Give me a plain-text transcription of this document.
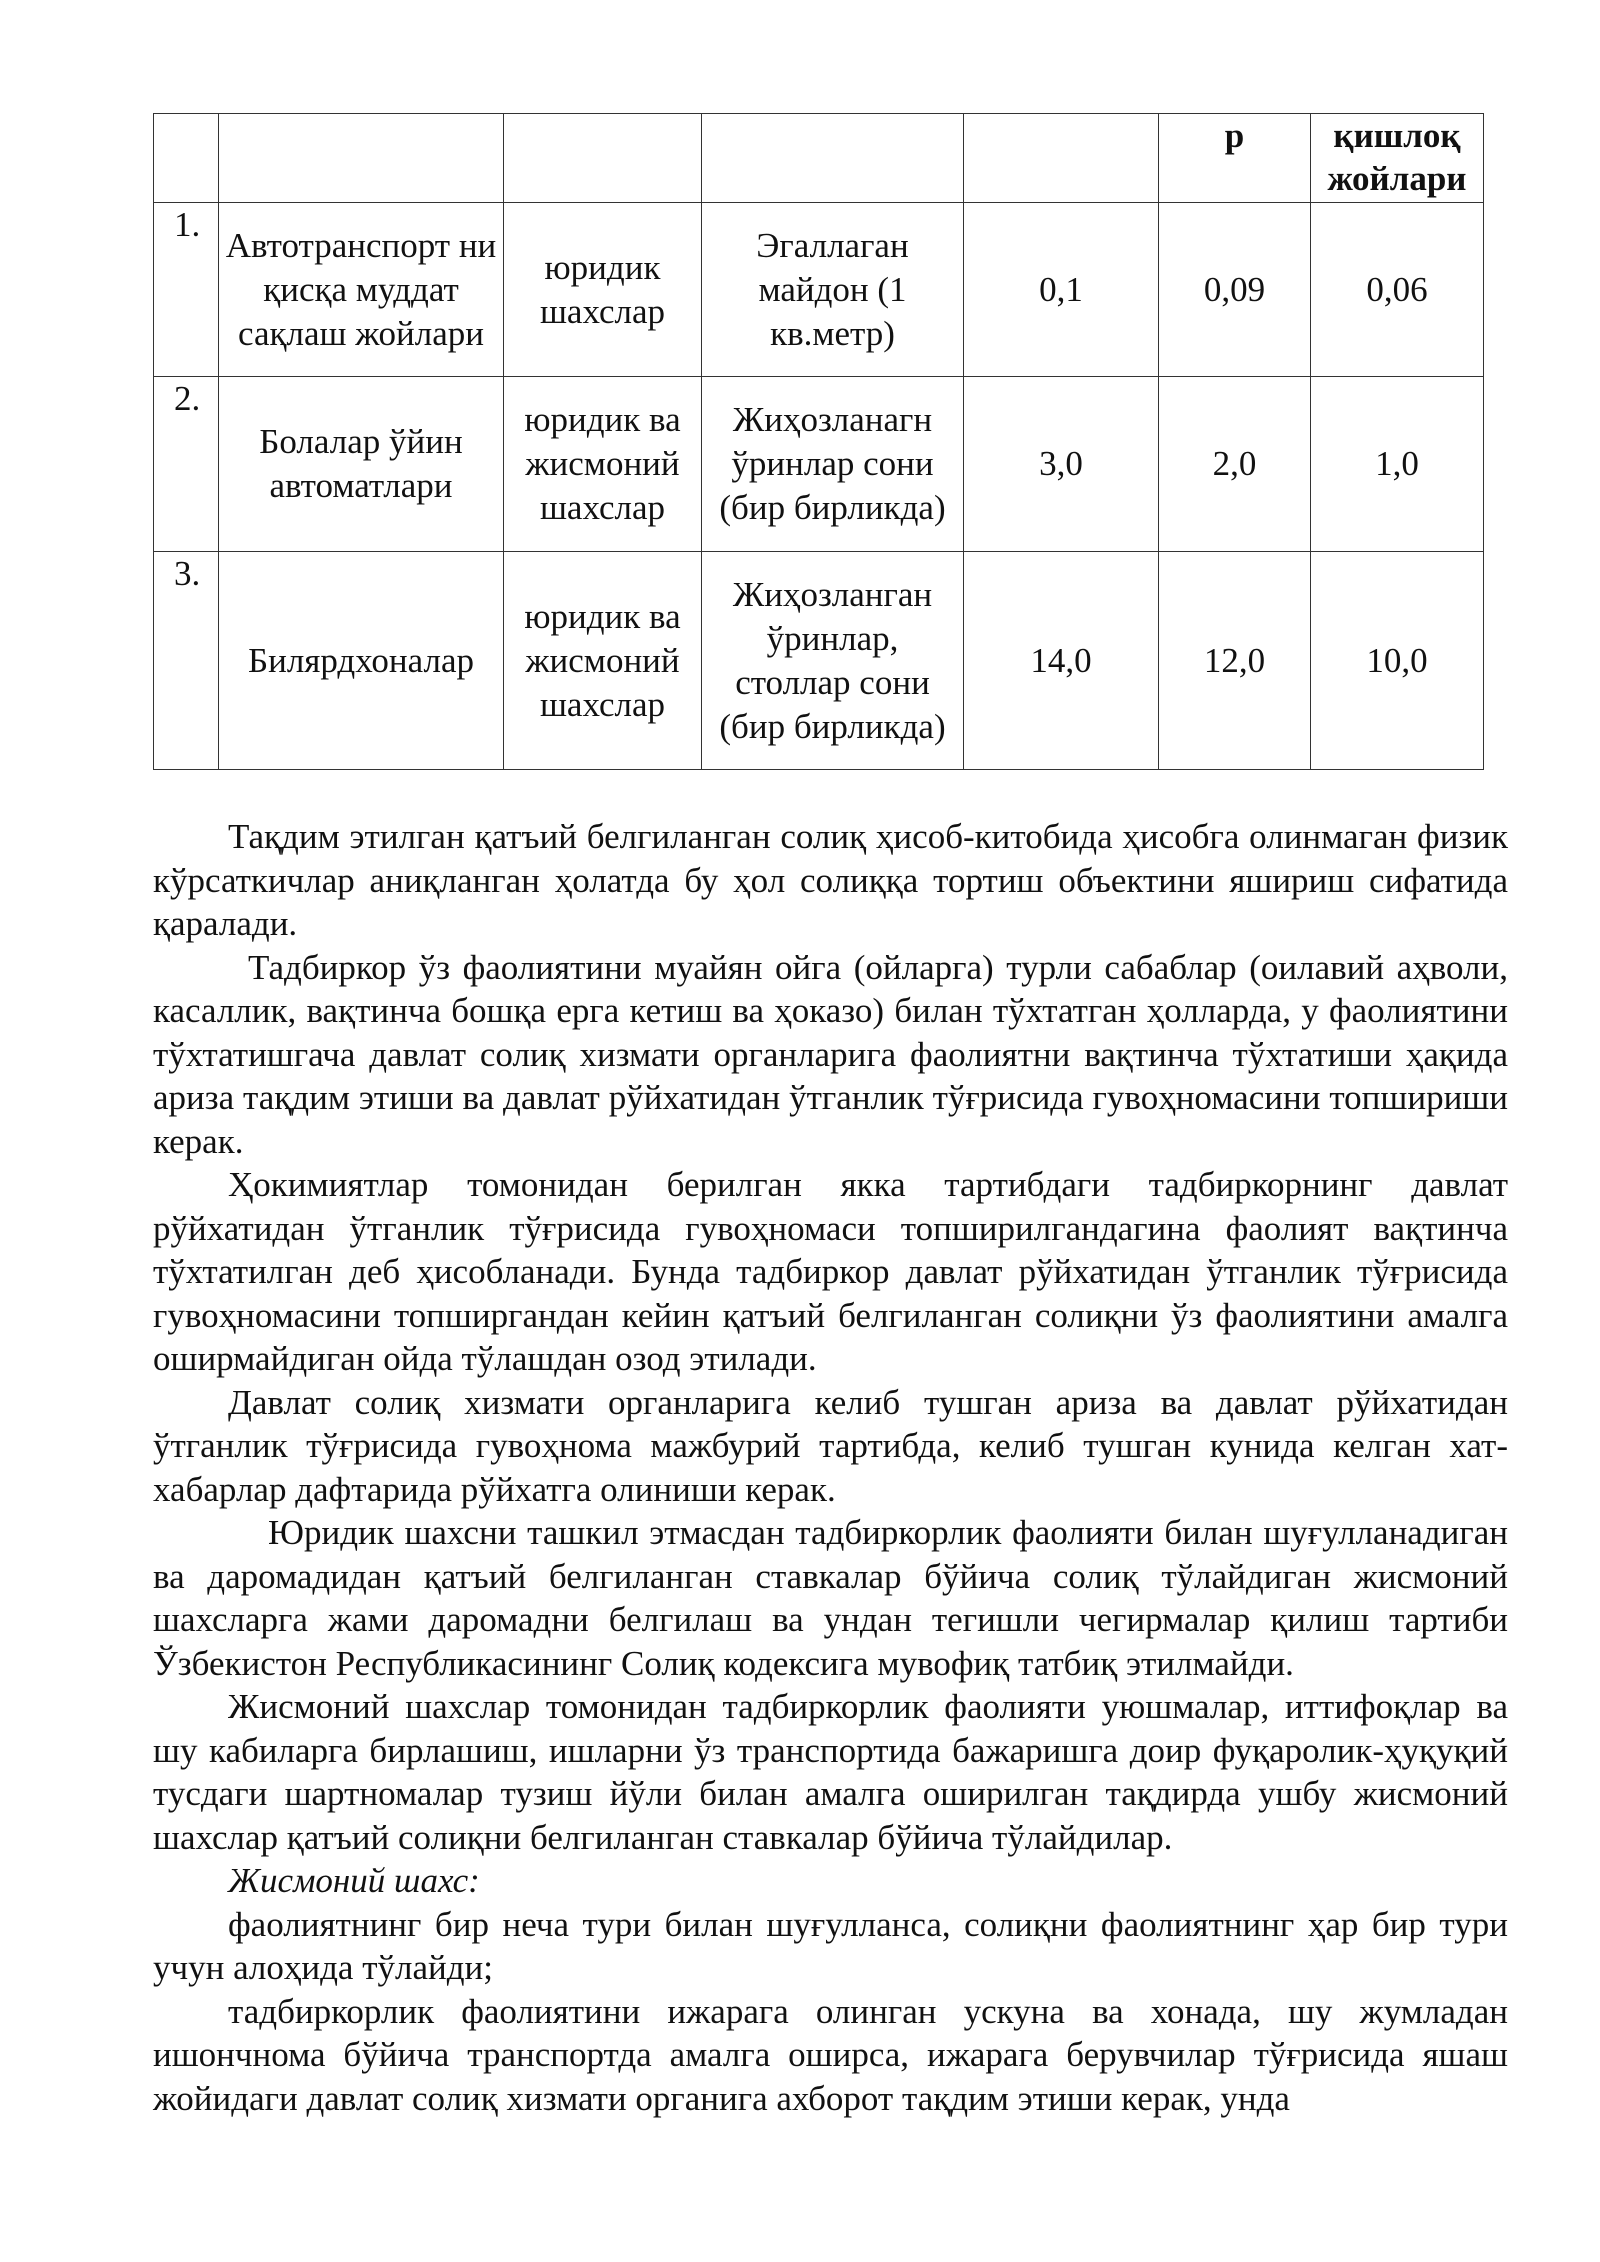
					р	қишлоқ жойлари
1.	Автотранспорт ни қисқа муддат сақлаш жойлари	юридик шахслар	Эгаллаган майдон (1 кв.метр)	0,1	0,09	0,06
2.	Болалар ўйин автоматлари	юридик ва жисмоний шахслар	Жиҳозланагн ўринлар сони (бир бирликда)	3,0	2,0	1,0
3.	Билярдхоналар	юридик ва жисмоний шахслар	Жиҳозланган ўринлар, столлар сони (бир бирликда)	14,0	12,0	10,0

Тақдим этилган қатъий белгиланган солиқ ҳисоб-китобида ҳисобга олинмаган физик кўрсаткичлар аниқланган ҳолатда бу ҳол солиққа тортиш объектини яшириш сифатида қаралади.

Тадбиркор ўз фаолиятини муайян ойга (ойларга) турли сабаблар (оилавий аҳволи, касаллик, вақтинча бошқа ерга кетиш ва ҳоказо) билан тўхтатган ҳолларда, у фаолиятини тўхтатишгача давлат солиқ хизмати органларига фаолиятни вақтинча тўхтатиши ҳақида ариза тақдим этиши ва давлат рўйхатидан ўтганлик тўғрисида гувоҳномасини топшириши керак.

Ҳокимиятлар томонидан берилган якка тартибдаги тадбиркорнинг давлат рўйхатидан ўтганлик тўғрисида гувоҳномаси топширилгандагина фаолият вақтинча тўхтатилган деб ҳисобланади. Бунда тадбиркор давлат рўйхатидан ўтганлик тўғрисида гувоҳномасини топширгандан кейин қатъий белгиланган солиқни ўз фаолиятини амалга оширмайдиган ойда тўлашдан озод этилади.

Давлат солиқ хизмати органларига келиб тушган ариза ва давлат рўйхатидан ўтганлик тўғрисида гувоҳнома мажбурий тартибда, келиб тушган кунида келган хат-хабарлар дафтарида рўйхатга олиниши керак.

Юридик шахсни ташкил этмасдан тадбиркорлик фаолияти билан шуғулланадиган ва даромадидан қатъий белгиланган ставкалар бўйича солиқ тўлайдиган жисмоний шахсларга жами даромадни белгилаш ва ундан тегишли чегирмалар қилиш тартиби Ўзбекистон Республикасининг Солиқ кодексига мувофиқ татбиқ этилмайди.

Жисмоний шахслар томонидан тадбиркорлик фаолияти уюшмалар, иттифоқлар ва шу кабиларга бирлашиш, ишларни ўз транспортида бажаришга доир фуқаролик-ҳуқуқий тусдаги шартномалар тузиш йўли билан амалга оширилган тақдирда ушбу жисмоний шахслар қатъий солиқни белгиланган ставкалар бўйича тўлайдилар.

Жисмоний шахс:

фаолиятнинг бир неча тури билан шуғулланса, солиқни фаолиятнинг ҳар бир тури учун алоҳида тўлайди;

тадбиркорлик фаолиятини ижарага олинган ускуна ва хонада, шу жумладан ишончнома бўйича транспортда амалга оширса, ижарага берувчилар тўғрисида яшаш жойидаги давлат солиқ хизмати органига ахборот тақдим этиши керак, унда
